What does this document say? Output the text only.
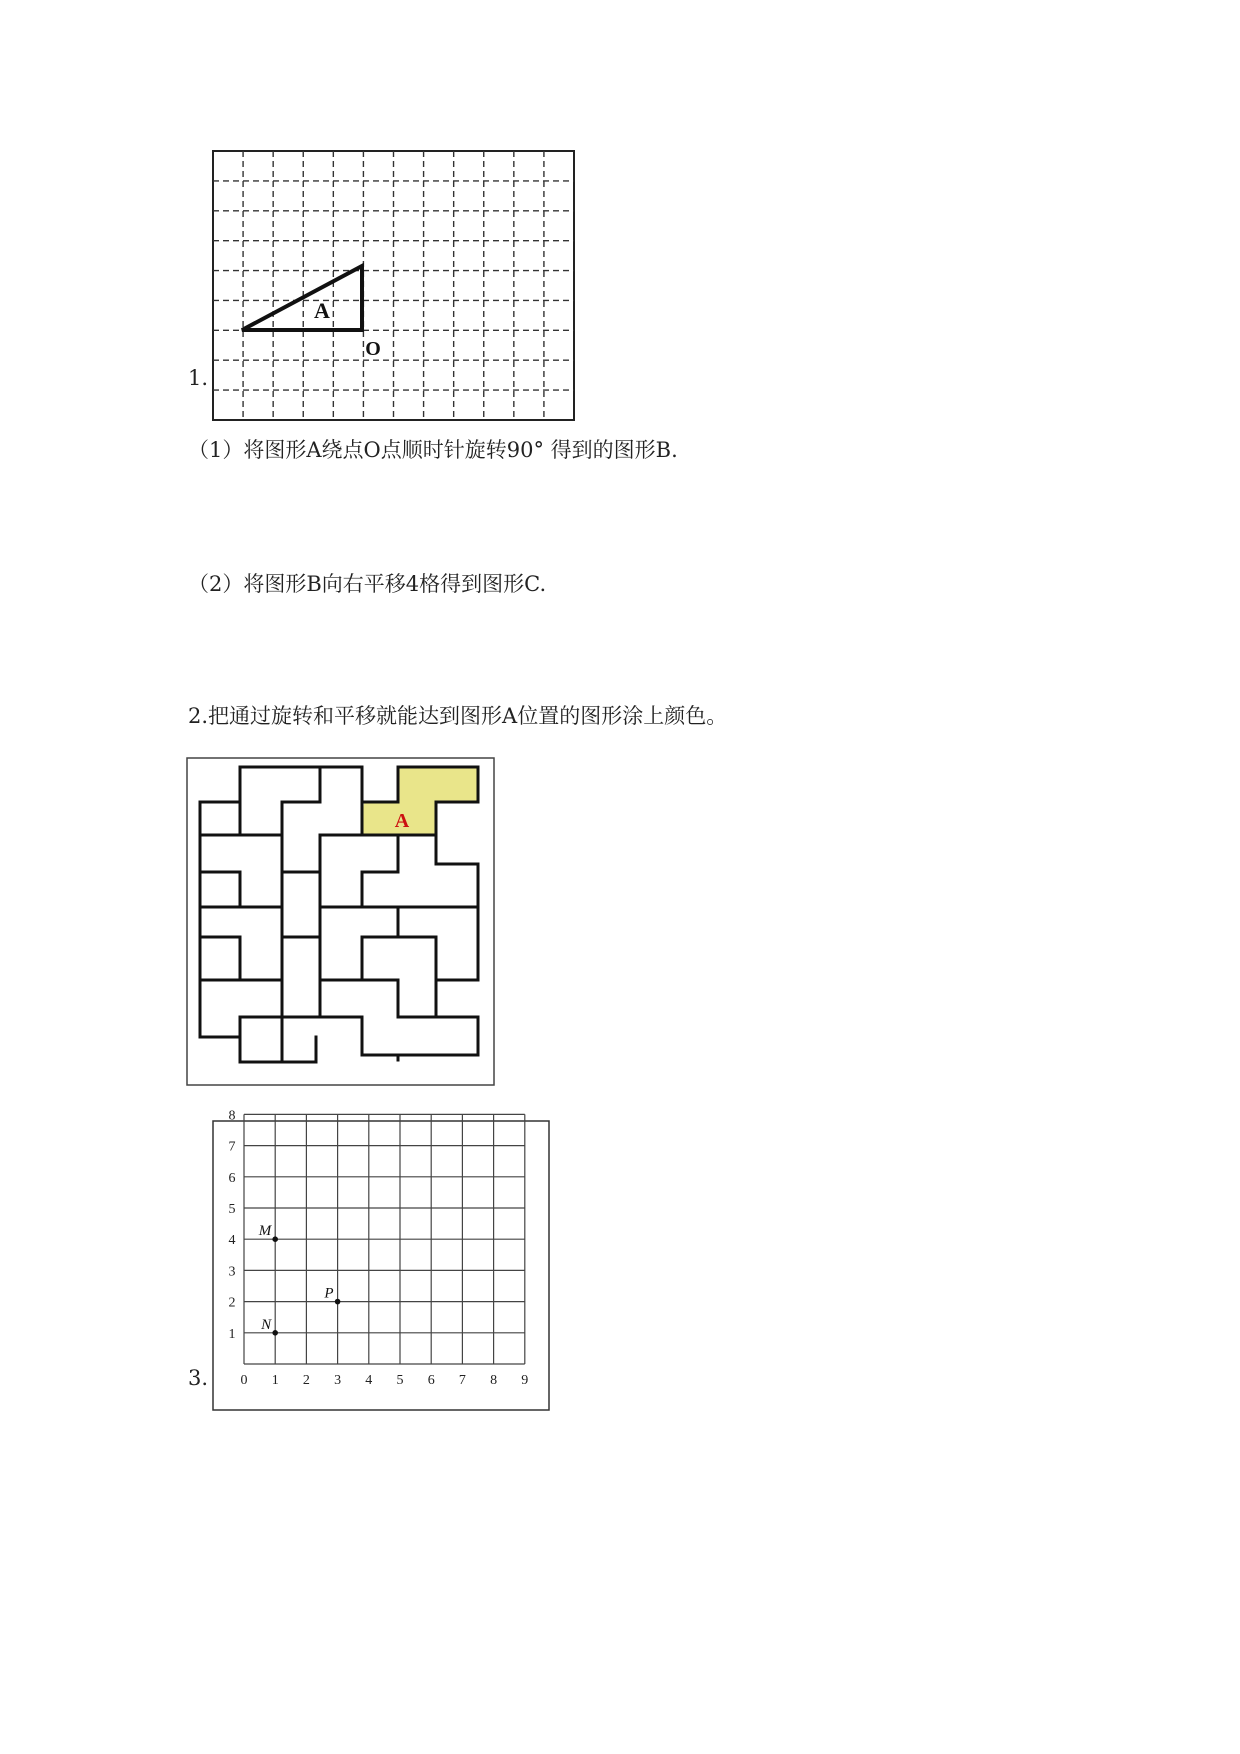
1.
A
O
（1）将图形A绕点O点顺时针旋转90° 得到的图形B.
（2）将图形B向右平移4格得到图形C.
2.把通过旋转和平移就能达到图形A位置的图形涂上颜色。
A
3. 0 1 2 3 4 5 6 7 8 9
1
2
3
4
5
6
7
8
M
P
N
